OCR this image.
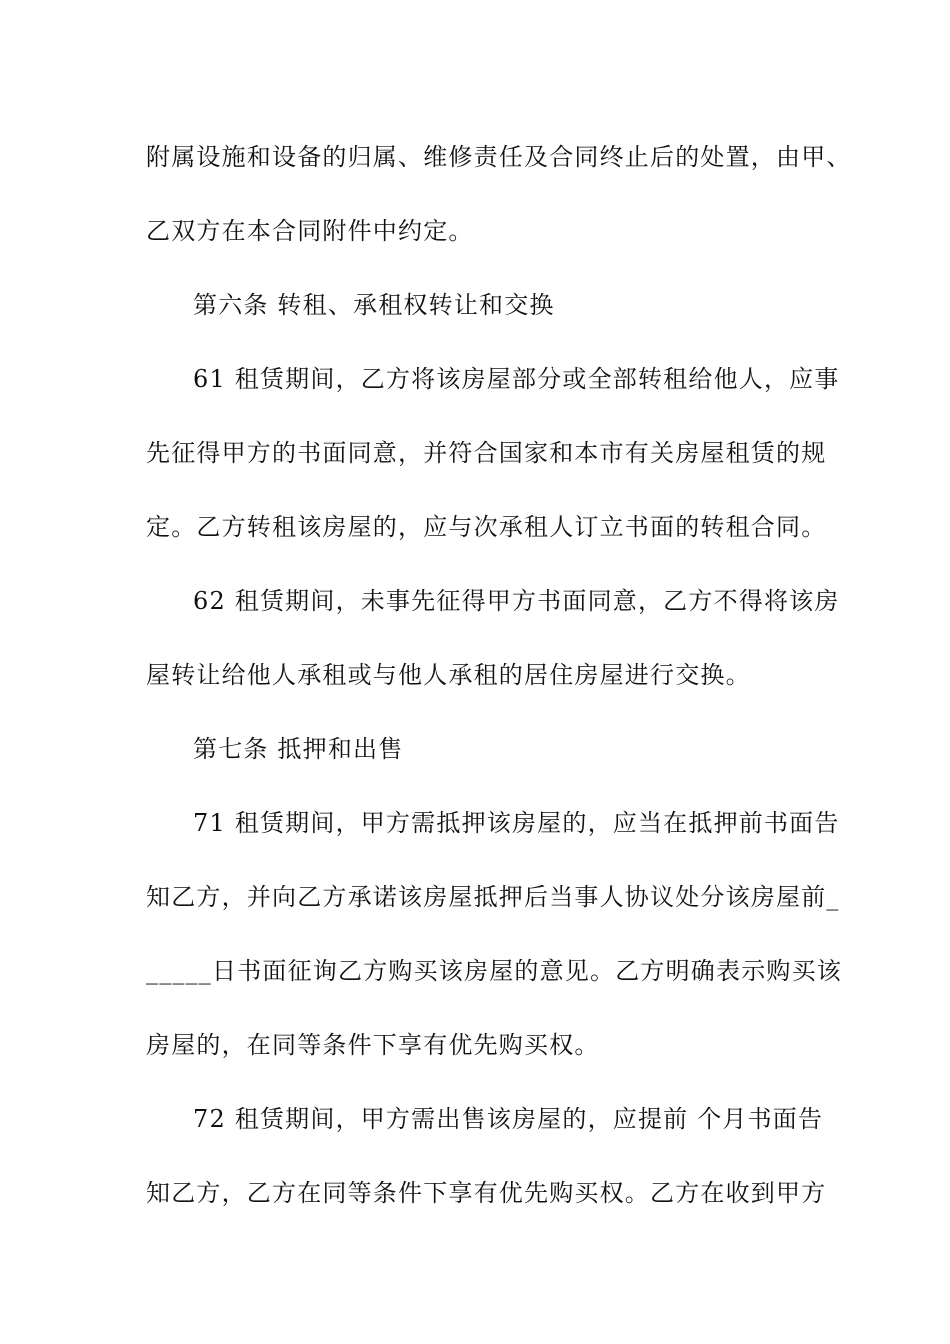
附属设施和设备的归属、维修责任及合同终止后的处置，由甲、
乙双方在本合同附件中约定。
第六条 转租、承租权转让和交换
61 租赁期间，乙方将该房屋部分或全部转租给他人，应事
先征得甲方的书面同意，并符合国家和本市有关房屋租赁的规
定。乙方转租该房屋的，应与次承租人订立书面的转租合同。
62 租赁期间，未事先征得甲方书面同意，乙方不得将该房
屋转让给他人承租或与他人承租的居住房屋进行交换。
第七条 抵押和出售
71 租赁期间，甲方需抵押该房屋的，应当在抵押前书面告
知乙方，并向乙方承诺该房屋抵押后当事人协议处分该房屋前_
_____日书面征询乙方购买该房屋的意见。乙方明确表示购买该
房屋的，在同等条件下享有优先购买权。
72 租赁期间，甲方需出售该房屋的，应提前 个月书面告
知乙方，乙方在同等条件下享有优先购买权。乙方在收到甲方
